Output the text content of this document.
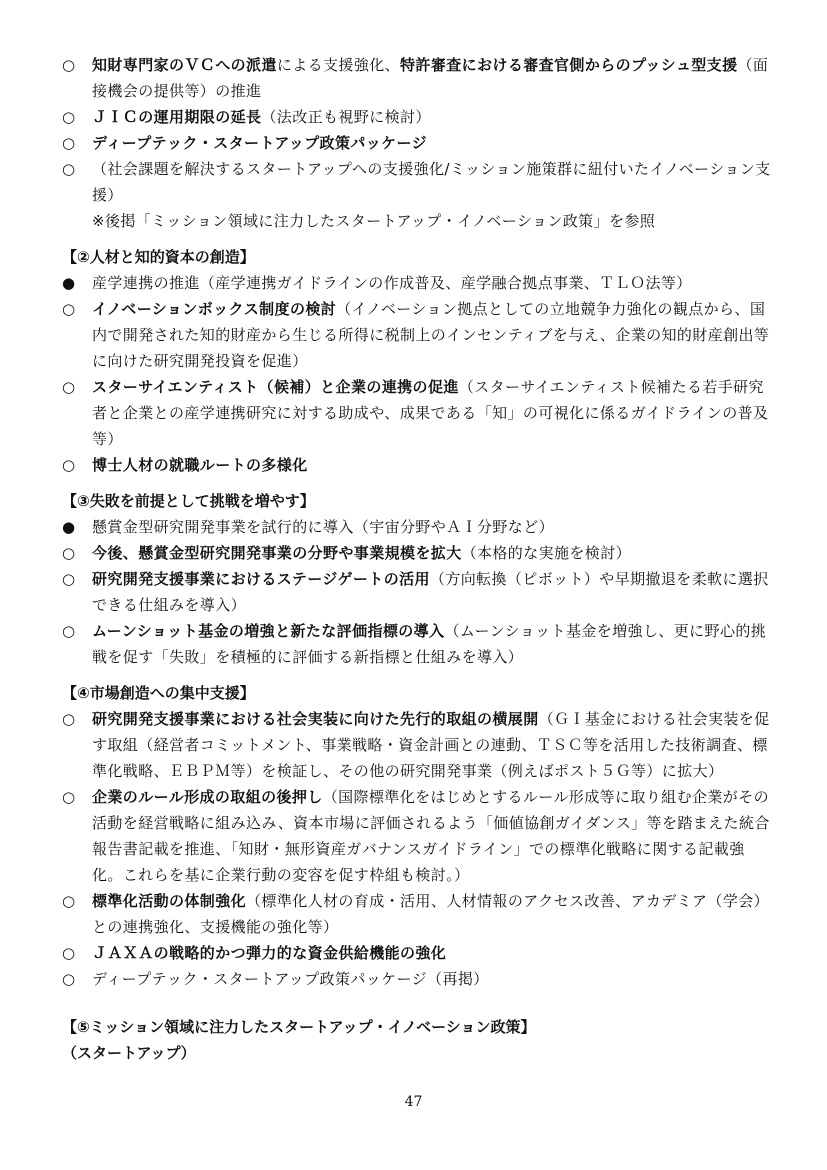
○	知財専門家のＶＣへの派遣による支援強化、特許審査における審査官側からのプッシュ型支援（面接機会の提供等）の推進
○	ＪＩＣの運用期限の延長（法改正も視野に検討）
○	ディープテック・スタートアップ政策パッケージ
○	（社会課題を解決するスタートアップへの支援強化/ミッション施策群に紐付いたイノベーション支援）
※後掲「ミッション領域に注力したスタートアップ・イノベーション政策」を参照
【②人材と知的資本の創造】
●	産学連携の推進（産学連携ガイドラインの作成普及、産学融合拠点事業、ＴＬＯ法等）
○	イノベーションボックス制度の検討（イノベーション拠点としての立地競争力強化の観点から、国内で開発された知的財産から生じる所得に税制上のインセンティブを与え、企業の知的財産創出等に向けた研究開発投資を促進）
○	スターサイエンティスト（候補）と企業の連携の促進（スターサイエンティスト候補たる若手研究者と企業との産学連携研究に対する助成や、成果である「知」の可視化に係るガイドラインの普及等）
○	博士人材の就職ルートの多様化
【③失敗を前提として挑戦を増やす】
●	懸賞金型研究開発事業を試行的に導入（宇宙分野やＡＩ分野など）
○	今後、懸賞金型研究開発事業の分野や事業規模を拡大（本格的な実施を検討）
○	研究開発支援事業におけるステージゲートの活用（方向転換（ピボット）や早期撤退を柔軟に選択できる仕組みを導入）
○	ムーンショット基金の増強と新たな評価指標の導入（ムーンショット基金を増強し、更に野心的挑戦を促す「失敗」を積極的に評価する新指標と仕組みを導入）
【④市場創造への集中支援】
○	研究開発支援事業における社会実装に向けた先行的取組の横展開（ＧＩ基金における社会実装を促す取組（経営者コミットメント、事業戦略・資金計画との連動、ＴＳＣ等を活用した技術調査、標準化戦略、ＥＢＰＭ等）を検証し、その他の研究開発事業（例えばポスト５Ｇ等）に拡大）
○	企業のルール形成の取組の後押し（国際標準化をはじめとするルール形成等に取り組む企業がその活動を経営戦略に組み込み、資本市場に評価されるよう「価値協創ガイダンス」等を踏まえた統合報告書記載を推進、「知財・無形資産ガバナンスガイドライン」での標準化戦略に関する記載強化。これらを基に企業行動の変容を促す枠組も検討。）
○	標準化活動の体制強化（標準化人材の育成・活用、人材情報のアクセス改善、アカデミア（学会）との連携強化、支援機能の強化等）
○	ＪＡＸＡの戦略的かつ弾力的な資金供給機能の強化
○	ディープテック・スタートアップ政策パッケージ（再掲）
【⑤ミッション領域に注力したスタートアップ・イノベーション政策】
（スタートアップ）
47
